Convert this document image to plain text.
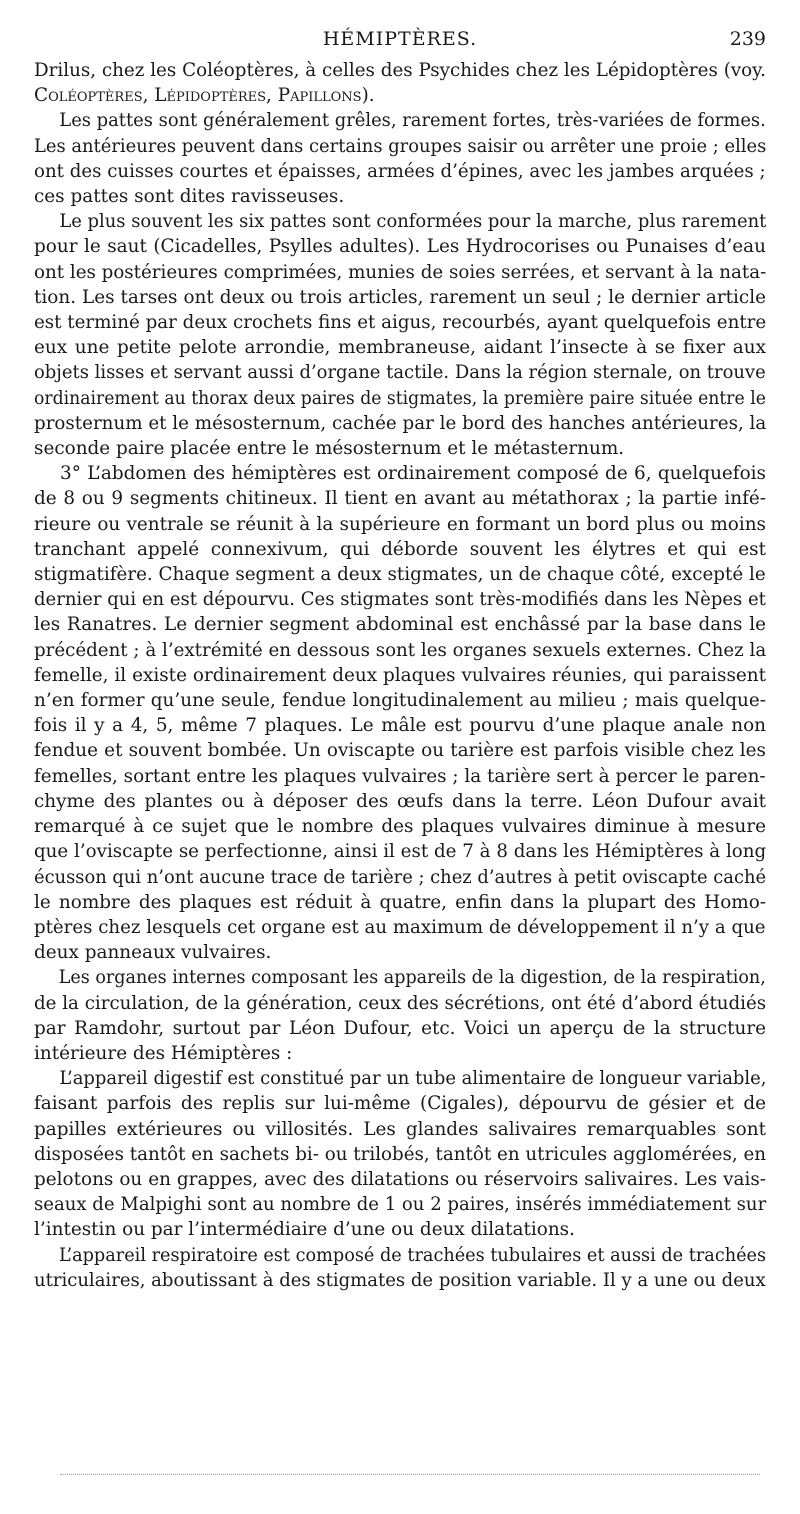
HÉMIPTÈRES.	239
Drilus, chez les Coléoptères, à celles des Psychides chez les Lépidoptères (voy.
Coléoptères, Lépidoptères, Papillons).
Les pattes sont généralement grêles, rarement fortes, très-variées de formes.
Les antérieures peuvent dans certains groupes saisir ou arrêter une proie ; elles
ont des cuisses courtes et épaisses, armées d’épines, avec les jambes arquées ;
ces pattes sont dites ravisseuses.
Le plus souvent les six pattes sont conformées pour la marche, plus rarement
pour le saut (Cicadelles, Psylles adultes). Les Hydrocorises ou Punaises d’eau
ont les postérieures comprimées, munies de soies serrées, et servant à la nata-
tion. Les tarses ont deux ou trois articles, rarement un seul ; le dernier article
est terminé par deux crochets fins et aigus, recourbés, ayant quelquefois entre
eux une petite pelote arrondie, membraneuse, aidant l’insecte à se fixer aux
objets lisses et servant aussi d’organe tactile. Dans la région sternale, on trouve
ordinairement au thorax deux paires de stigmates, la première paire située entre le
prosternum et le mésosternum, cachée par le bord des hanches antérieures, la
seconde paire placée entre le mésosternum et le métasternum.
3° L’abdomen des hémiptères est ordinairement composé de 6, quelquefois
de 8 ou 9 segments chitineux. Il tient en avant au métathorax ; la partie infé-
rieure ou ventrale se réunit à la supérieure en formant un bord plus ou moins
tranchant appelé connexivum, qui déborde souvent les élytres et qui est
stigmatifère. Chaque segment a deux stigmates, un de chaque côté, excepté le
dernier qui en est dépourvu. Ces stigmates sont très-modifiés dans les Nèpes et
les Ranatres. Le dernier segment abdominal est enchâssé par la base dans le
précédent ; à l’extrémité en dessous sont les organes sexuels externes. Chez la
femelle, il existe ordinairement deux plaques vulvaires réunies, qui paraissent
n’en former qu’une seule, fendue longitudinalement au milieu ; mais quelque-
fois il y a 4, 5, même 7 plaques. Le mâle est pourvu d’une plaque anale non
fendue et souvent bombée. Un oviscapte ou tarière est parfois visible chez les
femelles, sortant entre les plaques vulvaires ; la tarière sert à percer le paren-
chyme des plantes ou à déposer des œufs dans la terre. Léon Dufour avait
remarqué à ce sujet que le nombre des plaques vulvaires diminue à mesure
que l’oviscapte se perfectionne, ainsi il est de 7 à 8 dans les Hémiptères à long
écusson qui n’ont aucune trace de tarière ; chez d’autres à petit oviscapte caché
le nombre des plaques est réduit à quatre, enfin dans la plupart des Homo-
ptères chez lesquels cet organe est au maximum de développement il n’y a que
deux panneaux vulvaires.
Les organes internes composant les appareils de la digestion, de la respiration,
de la circulation, de la génération, ceux des sécrétions, ont été d’abord étudiés
par Ramdohr, surtout par Léon Dufour, etc. Voici un aperçu de la structure
intérieure des Hémiptères :
L’appareil digestif est constitué par un tube alimentaire de longueur variable,
faisant parfois des replis sur lui-même (Cigales), dépourvu de gésier et de
papilles extérieures ou villosités. Les glandes salivaires remarquables sont
disposées tantôt en sachets bi- ou trilobés, tantôt en utricules agglomérées, en
pelotons ou en grappes, avec des dilatations ou réservoirs salivaires. Les vais-
seaux de Malpighi sont au nombre de 1 ou 2 paires, insérés immédiatement sur
l’intestin ou par l’intermédiaire d’une ou deux dilatations.
L’appareil respiratoire est composé de trachées tubulaires et aussi de trachées
utriculaires, aboutissant à des stigmates de position variable. Il y a une ou deux
